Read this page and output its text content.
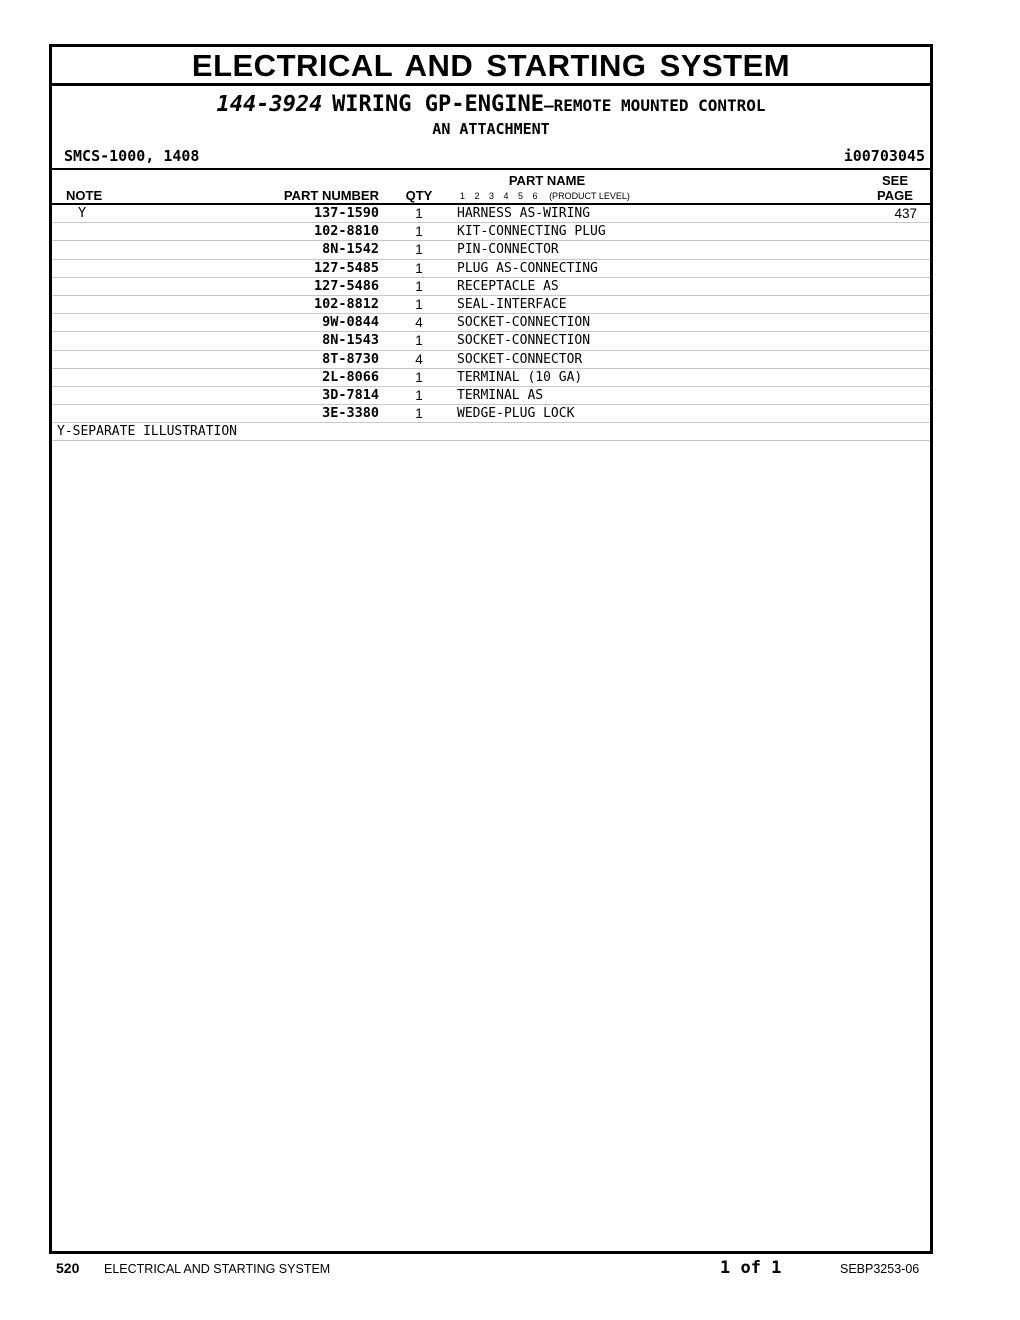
ELECTRICAL AND STARTING SYSTEM
144-3924 WIRING GP-ENGINE—REMOTE MOUNTED CONTROL
AN ATTACHMENT
SMCS-1000, 1408	i00703045
NOTE	PART NUMBER	QTY
PART NAME
1 2 3 4 5 6 (PRODUCT LEVEL)
SEE
PAGE
Y	137-1590	1	HARNESS AS-WIRING	437
102-8810	1	KIT-CONNECTING PLUG
8N-1542	1	PIN-CONNECTOR
127-5485	1	PLUG AS-CONNECTING
127-5486	1	RECEPTACLE AS
102-8812	1	SEAL-INTERFACE
9W-0844	4	SOCKET-CONNECTION
8N-1543	1	SOCKET-CONNECTION
8T-8730	4	SOCKET-CONNECTOR
2L-8066	1	TERMINAL (10 GA)
3D-7814	1	TERMINAL AS
3E-3380	1	WEDGE-PLUG LOCK
Y-SEPARATE ILLUSTRATION
520 ELECTRICAL AND STARTING SYSTEM	1 of 1	SEBP3253-06
